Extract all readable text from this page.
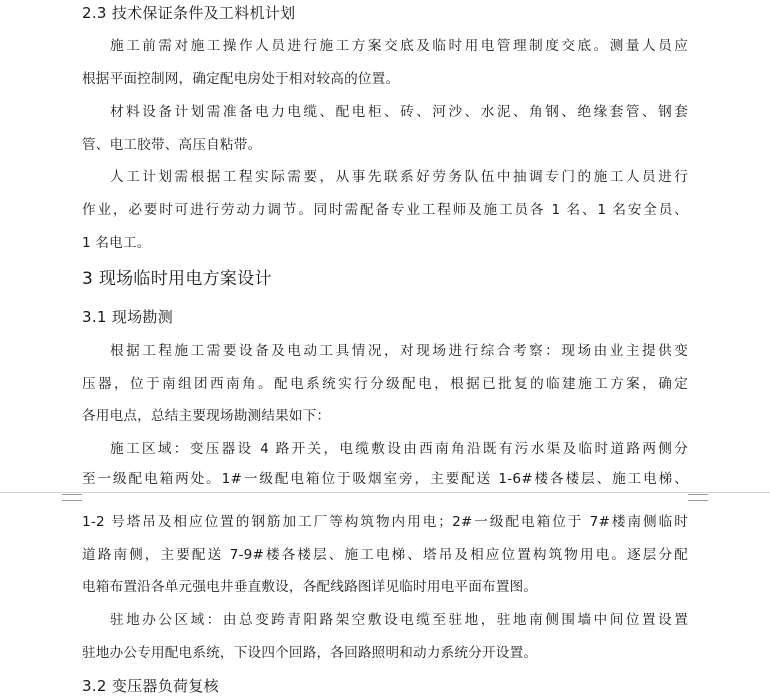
2.3 技术保证条件及工料机计划
施工前需对施工操作人员进行施工方案交底及临时用电管理制度交底。测量人员应
根据平面控制网，确定配电房处于相对较高的位置。
材料设备计划需准备电力电缆、配电柜、砖、河沙、水泥、角钢、绝缘套管、钢套
管、电工胶带、高压自粘带。
人工计划需根据工程实际需要，从事先联系好劳务队伍中抽调专门的施工人员进行
作业，必要时可进行劳动力调节。同时需配备专业工程师及施工员各 1 名、1 名安全员、
1 名电工。
3 现场临时用电方案设计
3.1 现场勘测
根据工程施工需要设备及电动工具情况，对现场进行综合考察：现场由业主提供变
压器，位于南组团西南角。配电系统实行分级配电，根据已批复的临建施工方案，确定
各用电点，总结主要现场勘测结果如下：
施工区域：变压器设 4 路开关，电缆敷设由西南角沿既有污水渠及临时道路两侧分
至一级配电箱两处。1#一级配电箱位于吸烟室旁，主要配送 1-6#楼各楼层、施工电梯、
1-2 号塔吊及相应位置的钢筋加工厂等构筑物内用电；2#一级配电箱位于 7#楼南侧临时
道路南侧，主要配送 7-9#楼各楼层、施工电梯、塔吊及相应位置构筑物用电。逐层分配
电箱布置沿各单元强电井垂直敷设，各配线路图详见临时用电平面布置图。
驻地办公区域：由总变跨青阳路架空敷设电缆至驻地，驻地南侧围墙中间位置设置
驻地办公专用配电系统，下设四个回路，各回路照明和动力系统分开设置。
3.2 变压器负荷复核
